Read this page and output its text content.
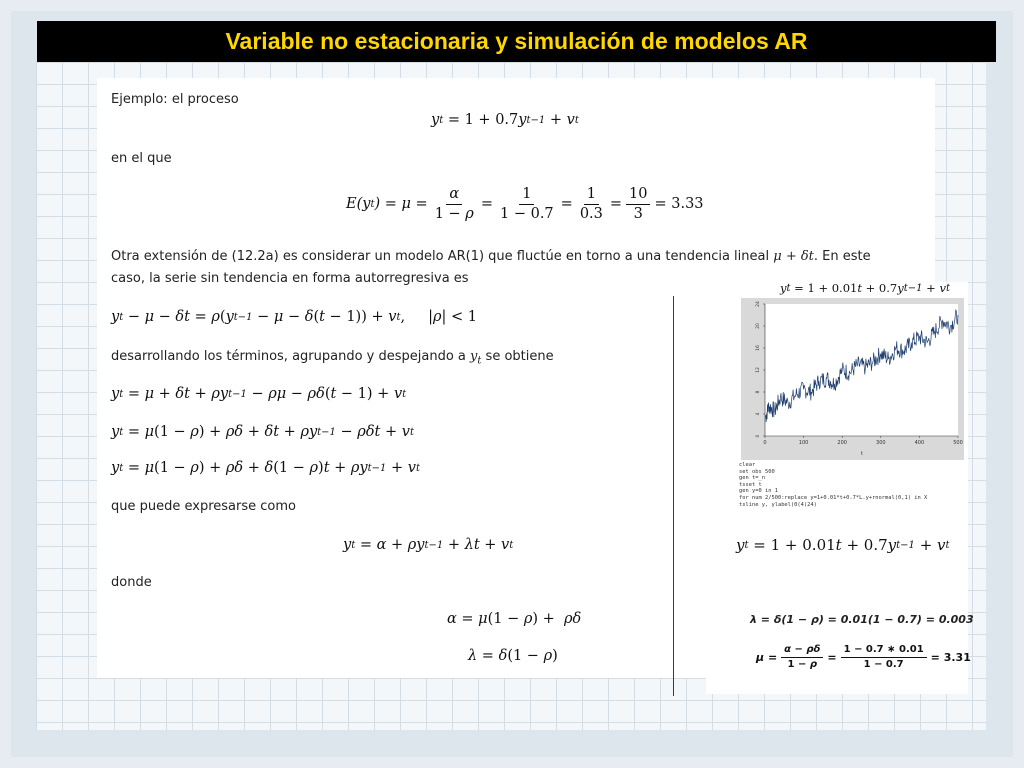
Variable no estacionaria y simulación de modelos AR
Ejemplo: el proceso
y t
= 1 + 0.7 y t−1
+ v t
en el que
E(y t ) = $\mu = \frac{\alpha}{1 - \rho} = \frac{1}{1 - 0.7} = \frac{1}{0.3} = \frac{10}{3} = 3.33$
Otra extensión de (12.2a) es considerar un modelo AR(1) que fluctúe en torno a una tendencia lineal μ + δt. En este
caso, la serie sin tendencia en forma autorregresiva es
y t
− μ − δt = ρ ( y t−1
− μ − δ ( t − 1)) + v t ,
| ρ | < 1
desarrollando los términos, agrupando y despejando a $y_t$ se obtiene
y t = μ + δt + ρy t−1 − ρμ − ρδ ( t − 1) + v t
y t = μ (1 − ρ ) + ρδ + δt + ρy t−1 − ρδt + v t
y t = μ (1 − ρ ) + ρδ + δ (1 − ρ ) t + ρy t−1 + v t
que puede expresarse como
y t = α + ρy t−1 + λt + v t
donde
α = μ (1 − ρ ) + ρδ
λ = δ (1 − ρ )
y t = 1 + 0.01 t + 0.7 y t−1 + v t
0
4
8
12
16
20
24
0	100	200	300	400	500
t
clear
set obs 500
gen t=_n
tsset t
gen y=0 in 1
for num 2/500:replace y=1+0.01*t+0.7*L.y+rnormal(0,1) in X
tsline y, ylabel(0(4)24)
y t = 1 + 0.01 t + 0.7 y t−1 + v t
λ = δ(1 − ρ) = 0.01(1 − 0.7) = 0.003
$\mu = \frac{\alpha - \rho\delta}{1 - \rho} = \frac{1 - 0.7 ∗ 0.01}{1 - 0.7} = 3.31$
